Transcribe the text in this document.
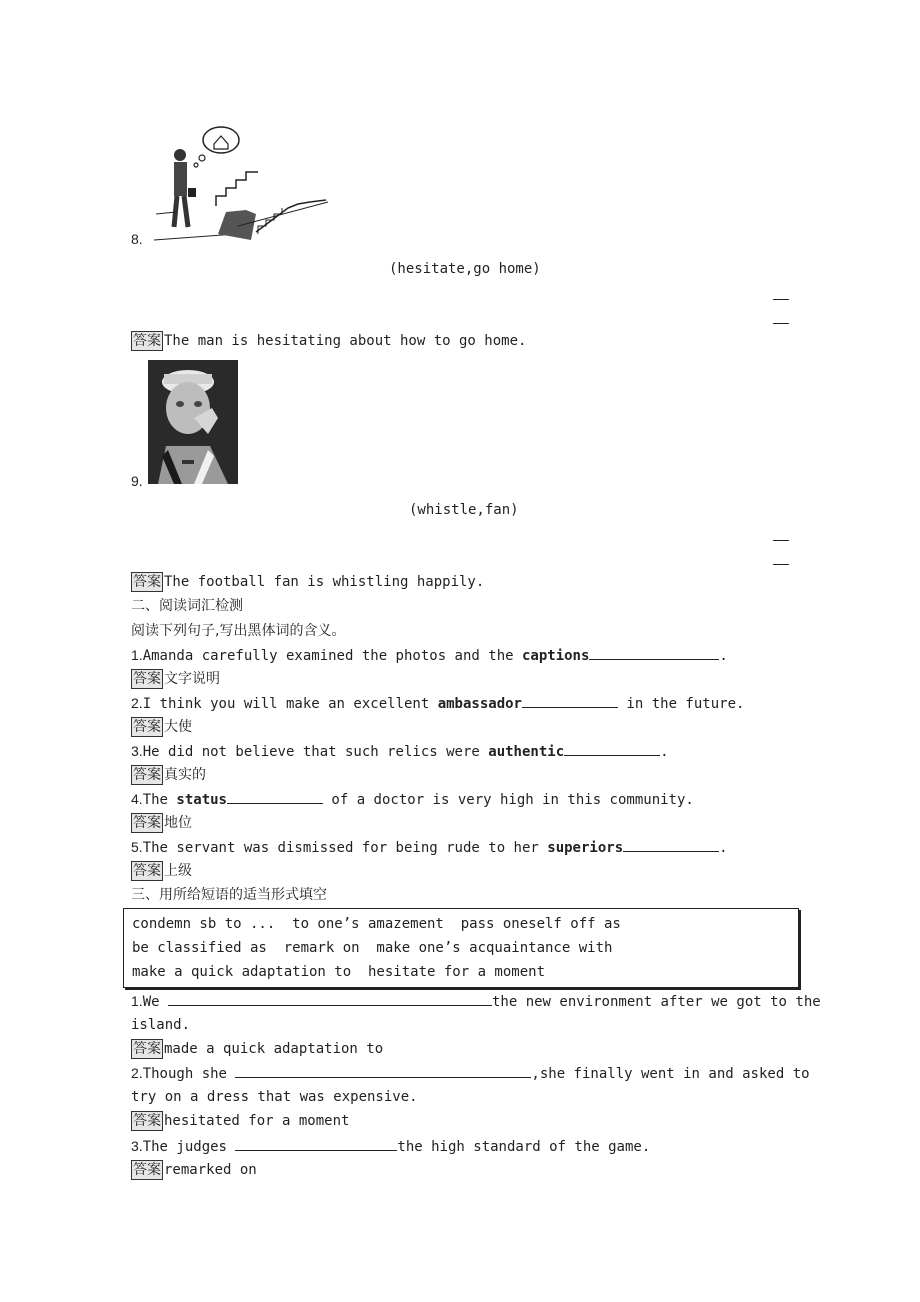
8.
(hesitate,go home)
答案 The man is hesitating about how to go home.
9.
(whistle,fan)
答案 The football fan is whistling happily.
二、阅读词汇检测
阅读下列句子,写出黑体词的含义。
1.Amanda carefully examined the photos and the captions	.
答案 文字说明
2.I think you will make an excellent ambassador	in the future.
答案 大使
3.He did not believe that such relics were authentic	.
答案 真实的
4.The status	of a doctor is very high in this community.
答案 地位
5.The servant was dismissed for being rude to her superiors	.
答案 上级
三、用所给短语的适当形式填空
condemn sb to ...  to one’s amazement  pass oneself off as
be classified as  remark on  make one’s acquaintance with
make a quick adaptation to  hesitate for a moment
1.We	the new environment after we got to the
island.
答案 made a quick adaptation to
2.Though she	,she finally went in and asked to
try on a dress that was expensive.
答案 hesitated for a moment
3.The judges	the high standard of the game.
答案 remarked on
